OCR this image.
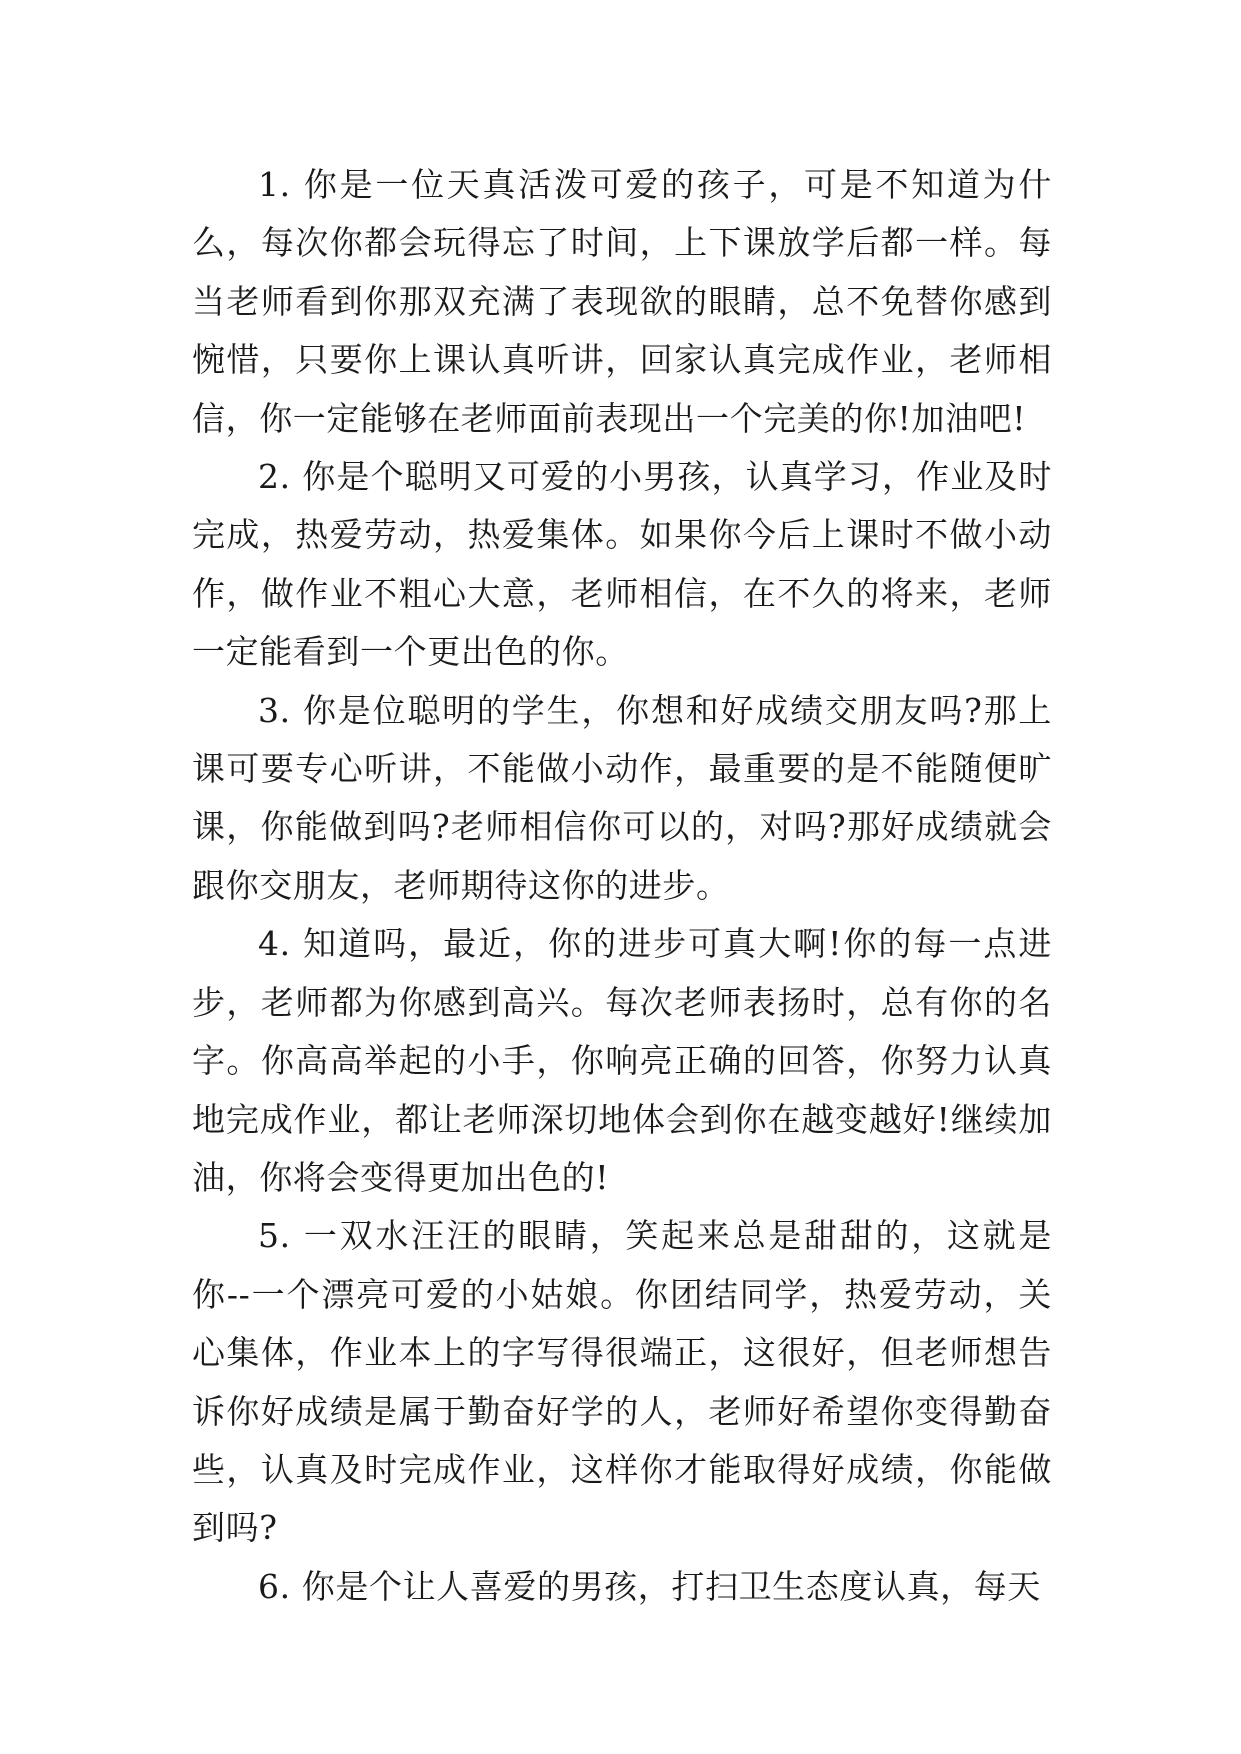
1. 你是一位天真活泼可爱的孩子，可是不知道为什么，每次你都会玩得忘了时间，上下课放学后都一样。每当老师看到你那双充满了表现欲的眼睛，总不免替你感到惋惜，只要你上课认真听讲，回家认真完成作业，老师相信，你一定能够在老师面前表现出一个完美的你!加油吧!

2. 你是个聪明又可爱的小男孩，认真学习，作业及时完成，热爱劳动，热爱集体。如果你今后上课时不做小动作，做作业不粗心大意，老师相信，在不久的将来，老师一定能看到一个更出色的你。

3. 你是位聪明的学生，你想和好成绩交朋友吗?那上课可要专心听讲，不能做小动作，最重要的是不能随便旷课，你能做到吗?老师相信你可以的，对吗?那好成绩就会跟你交朋友，老师期待这你的进步。

4. 知道吗，最近，你的进步可真大啊!你的每一点进步，老师都为你感到高兴。每次老师表扬时，总有你的名字。你高高举起的小手，你响亮正确的回答，你努力认真地完成作业，都让老师深切地体会到你在越变越好!继续加油，你将会变得更加出色的!

5. 一双水汪汪的眼睛，笑起来总是甜甜的，这就是你--一个漂亮可爱的小姑娘。你团结同学，热爱劳动，关心集体，作业本上的字写得很端正，这很好，但老师想告诉你好成绩是属于勤奋好学的人，老师好希望你变得勤奋些，认真及时完成作业，这样你才能取得好成绩，你能做到吗?

6. 你是个让人喜爱的男孩，打扫卫生态度认真，每天
